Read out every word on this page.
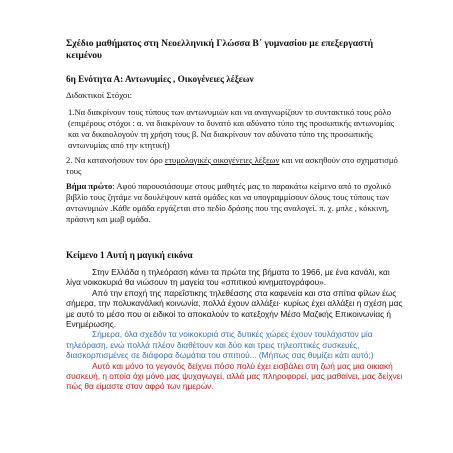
Σχέδιο μαθήματος στη Νεοελληνική Γλώσσα Β΄ γυμνασίου με επεξεργαστή κειμένου

6η Ενότητα Α: Αντωνυμίες , Οικογένειες λέξεων
Διδακτικοί Στόχοι:
1.Να διακρίνουν τους τύπους των αντωνυμιών και να αναγνωρίζουν το συντακτικό τους ρόλο (επιμέρους στόχοι : α. να διακρίνουν το δυνατό και αδύνατο τύπο της προσωπικής αντωνυμίας και να δικαιολογούν τη χρήση τους β. Να διακρίνουν τον αδύνατο τύπο της προσωπικής αντωνυμίας από την κτητική)
2. Να κατανοήσουν τον όρο ετυμολογικές οικογένειες λέξεων και να ασκηθούν στο σχηματισμό τους
Βήμα πρώτο: Αφού παρουσιάσουμε στους μαθητές μας το παρακάτω κείμενο από το σχολικό βιβλίο τους ζητάμε να δουλέψουν κατά ομάδες και να υπογραμμίσουν όλους τους τύπους των αντωνυμιών .Κάθε ομάδα εργάζεται στο πεδίο δράσης που της αναλογεί. π. χ. μπλε , κόκκινη, πράσινη και μωβ ομάδα.
Κείμενο 1 Αυτή η μαγική εικόνα
Στην Ελλάδα η τηλεόραση κάνει τα πρώτα της βήματα το 1966, με ένα κανάλι, και λίγα νοικοκυριά θα νιώσουν τη μαγεία του «σπιτικού κινηματογράφου».
Από την εποχή της παρεΐστικης τηλεθέασης στα καφενεία και στα σπίτια φίλων έως σήμερα, την πολυκανάλική κοινωνία, πολλά έχουν αλλάξει· κυρίως έχει αλλάξει η σχέση μας με αυτό το μέσο που οι ειδικοί το αποκαλούν το κατεξοχήν Μέσο Μαζικής Επικοινωνίας ή Ενημέρωσης.
Σήμερα, όλα σχεδόν τα νοικοκυριά στις δυτικές χώρες έχουν τουλάχιστον μία τηλεόραση, ενώ πολλά πλέον διαθέτουν και δύο και τρεις τηλεοπτικές συσκευές, διασκορπισμένες σε διάφορα δωμάτια του σπιτιού... (Μήπως σας θυμίζει κάτι αυτό;)
Αυτό και μόνο το γεγονός δείχνει πόσο πολύ έχει εισβάλει στη ζωή μας μια οικιακή συσκευή, η οποία όχι μόνο μας ψυχαγωγεί, αλλά μας πληροφορεί, μας μαθαίνει, μας δείχνει πώς θα είμαστε στον αφρό των ημερών.
